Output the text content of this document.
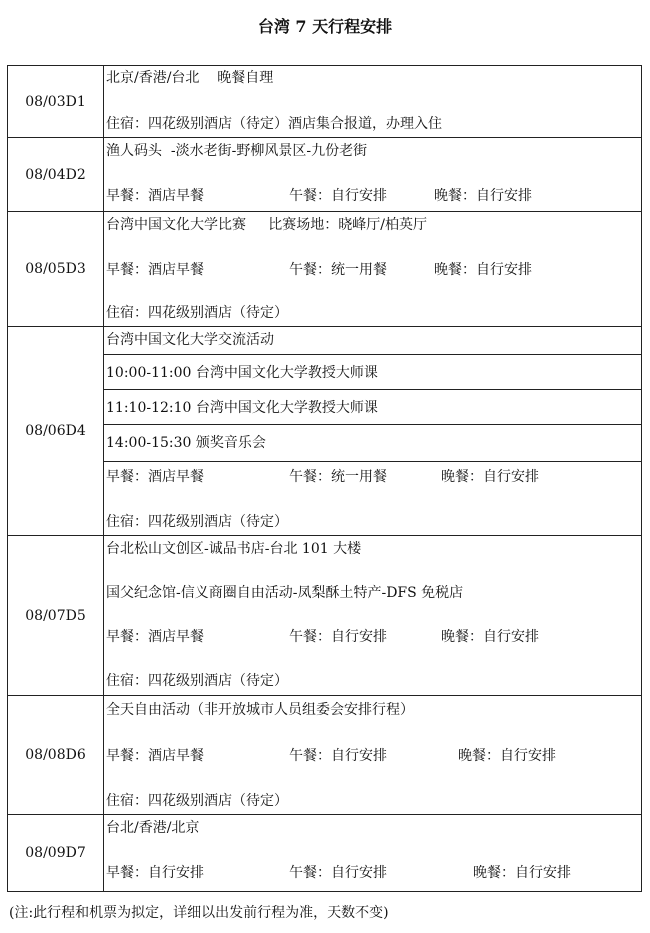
台湾 7 天行程安排
08/03 D1
北京/香港/台北    晚餐自理
住宿：四花级别酒店（待定）酒店集合报道，办理入住
08/04 D2
渔人码头  -淡水老街-野柳风景区-九份老街
早餐：酒店早餐	午餐：自行安排	晚餐：自行安排
08/05 D3
台湾中国文化大学比赛     比赛场地：晓峰厅/柏英厅
早餐：酒店早餐	午餐：统一用餐	晚餐：自行安排
住宿：四花级别酒店（待定）
08/06 D4
台湾中国文化大学交流活动
10:00-11:00 台湾中国文化大学教授大师课
11:10-12:10 台湾中国文化大学教授大师课
14:00-15:30 颁奖音乐会
早餐：酒店早餐	午餐：统一用餐	晚餐：自行安排
住宿：四花级别酒店（待定）
08/07 D5
台北松山文创区-诚品书店-台北 101 大楼
国父纪念馆-信义商圈自由活动-凤梨酥土特产-DFS 免税店
早餐：酒店早餐	午餐：自行安排	晚餐：自行安排
住宿：四花级别酒店（待定）
08/08 D6
全天自由活动（非开放城市人员组委会安排行程）
早餐：酒店早餐	午餐：自行安排	晚餐：自行安排
住宿：四花级别酒店（待定）
08/09 D7
台北/香港/北京
早餐：自行安排	午餐：自行安排	晚餐：自行安排
(注:此行程和机票为拟定，详细以出发前行程为准，天数不变)
